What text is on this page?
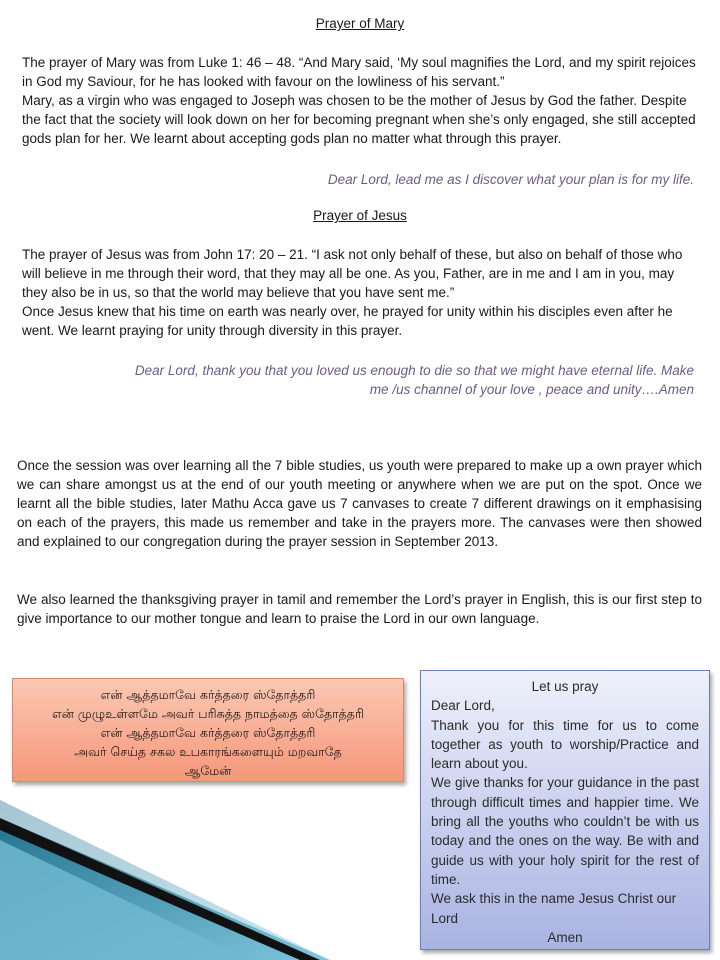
Prayer of Mary

The prayer of Mary was from Luke 1: 46 – 48. “And Mary said, ‘My soul magnifies the Lord, and my spirit rejoices in God my Saviour, for he has looked with favour on the lowliness of his servant.”

Mary, as a virgin who was engaged to Joseph was chosen to be the mother of Jesus by God the father. Despite the fact that the society will look down on her for becoming pregnant when she’s only engaged, she still accepted gods plan for her. We learnt about accepting gods plan no matter what through this prayer.

Dear Lord, lead me as I discover what your plan is for my life.
Prayer of Jesus

The prayer of Jesus was from John 17: 20 – 21. “I ask not only behalf of these, but also on behalf of those who will believe in me through their word, that they may all be one. As you, Father, are in me and I am in you, may they also be in us, so that the world may believe that you have sent me.”

Once Jesus knew that his time on earth was nearly over, he prayed for unity within his disciples even after he went. We learnt praying for unity through diversity in this prayer.

Dear Lord, thank you that you loved us enough to die so that we might have eternal life. Make
me /us channel of your love , peace and unity….Amen
Once the session was over learning all the 7 bible studies, us youth were prepared to make up a own prayer which we can share amongst us at the end of our youth meeting or anywhere when we are put on the spot. Once we learnt all the bible studies, later Mathu Acca gave us 7 canvases to create 7 different drawings on it emphasising on each of the prayers, this made us remember and take in the prayers more. The canvases were then showed and explained to our congregation during the prayer session in September 2013.
We also learned the thanksgiving prayer in tamil and remember the Lord’s prayer in English, this is our first step to give importance to our mother tongue and learn to praise the Lord in our own language.
என் ஆத்தமாவே கர்த்தரை ஸ்தோத்தரி
என் முழுஉள்ளமே அவர் பரிசுத்த நாமத்தை ஸ்தோத்தரி
என் ஆத்தமாவே கர்த்தரை ஸ்தோத்தரி
அவர் செய்த சகல உபகாரங்களையும் மறவாதே
ஆமேன்
Let us pray

Dear Lord,

Thank you for this time for us to come together as youth to worship/Practice and learn about you.

We give thanks for your guidance in the past through difficult times and happier time. We bring all the youths who couldn’t be with us today and the ones on the way. Be with and guide us with your holy spirit for the rest of time.

We ask this in the name Jesus Christ our Lord

Amen
